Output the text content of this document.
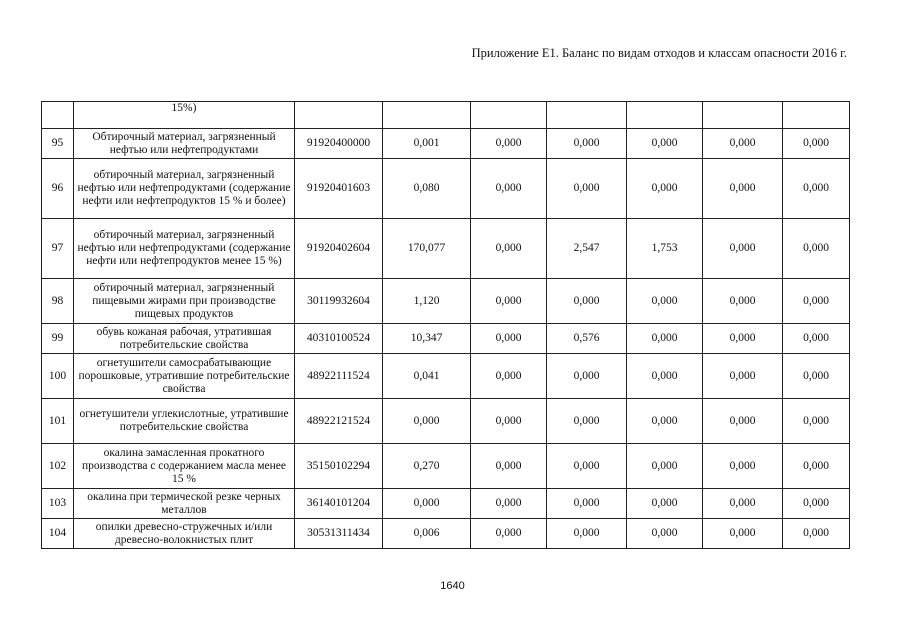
Приложение Е1. Баланс по видам отходов и классам опасности 2016 г.
	15%)							
95	Обтирочный материал, загрязненный нефтью или нефтепродуктами	91920400000	0,001	0,000	0,000	0,000	0,000	0,000
96	обтирочный материал, загрязненный нефтью или нефтепродуктами (содержание нефти или нефтепродуктов 15 % и более)	91920401603	0,080	0,000	0,000	0,000	0,000	0,000
97	обтирочный материал, загрязненный нефтью или нефтепродуктами (содержание нефти или нефтепродуктов менее 15 %)	91920402604	170,077	0,000	2,547	1,753	0,000	0,000
98	обтирочный материал, загрязненный пищевыми жирами при производстве пищевых продуктов	30119932604	1,120	0,000	0,000	0,000	0,000	0,000
99	обувь кожаная рабочая, утратившая потребительские свойства	40310100524	10,347	0,000	0,576	0,000	0,000	0,000
100	огнетушители самосрабатывающие порошковые, утратившие потребительские свойства	48922111524	0,041	0,000	0,000	0,000	0,000	0,000
101	огнетушители углекислотные, утратившие потребительские свойства	48922121524	0,000	0,000	0,000	0,000	0,000	0,000
102	окалина замасленная прокатного производства с содержанием масла менее 15 %	35150102294	0,270	0,000	0,000	0,000	0,000	0,000
103	окалина при термической резке черных металлов	36140101204	0,000	0,000	0,000	0,000	0,000	0,000
104	опилки древесно-стружечных и/или древесно-волокнистых плит	30531311434	0,006	0,000	0,000	0,000	0,000	0,000
1640
